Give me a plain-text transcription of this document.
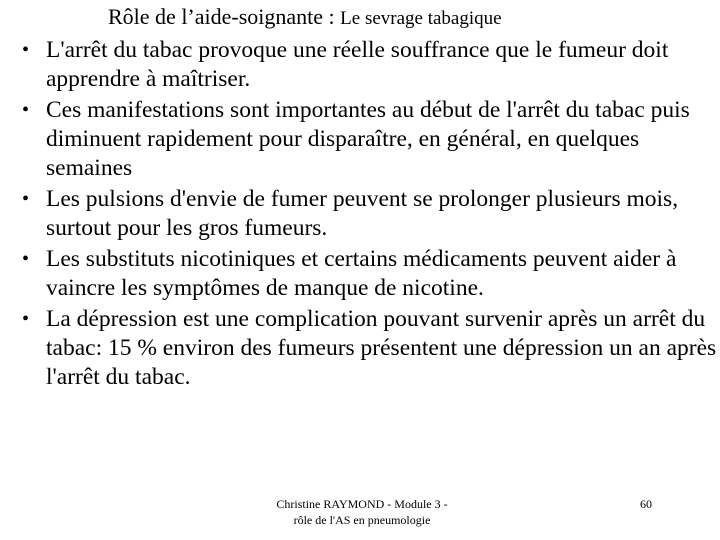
Rôle de l’aide-soignante : Le sevrage tabagique
• L'arrêt du tabac provoque une réelle souffrance que le fumeur doit apprendre à maîtriser.
• Ces manifestations sont importantes au début de l'arrêt du tabac puis diminuent rapidement pour disparaître, en général, en quelques semaines
• Les pulsions d'envie de fumer peuvent se prolonger plusieurs mois, surtout pour les gros fumeurs.
• Les substituts nicotiniques et certains médicaments peuvent aider à vaincre les symptômes de manque de nicotine.
• La dépression est une complication pouvant survenir après un arrêt du tabac: 15 % environ des fumeurs présentent une dépression un an après l'arrêt du tabac.
Christine RAYMOND - Module 3 -
rôle de l'AS en pneumologie
60
